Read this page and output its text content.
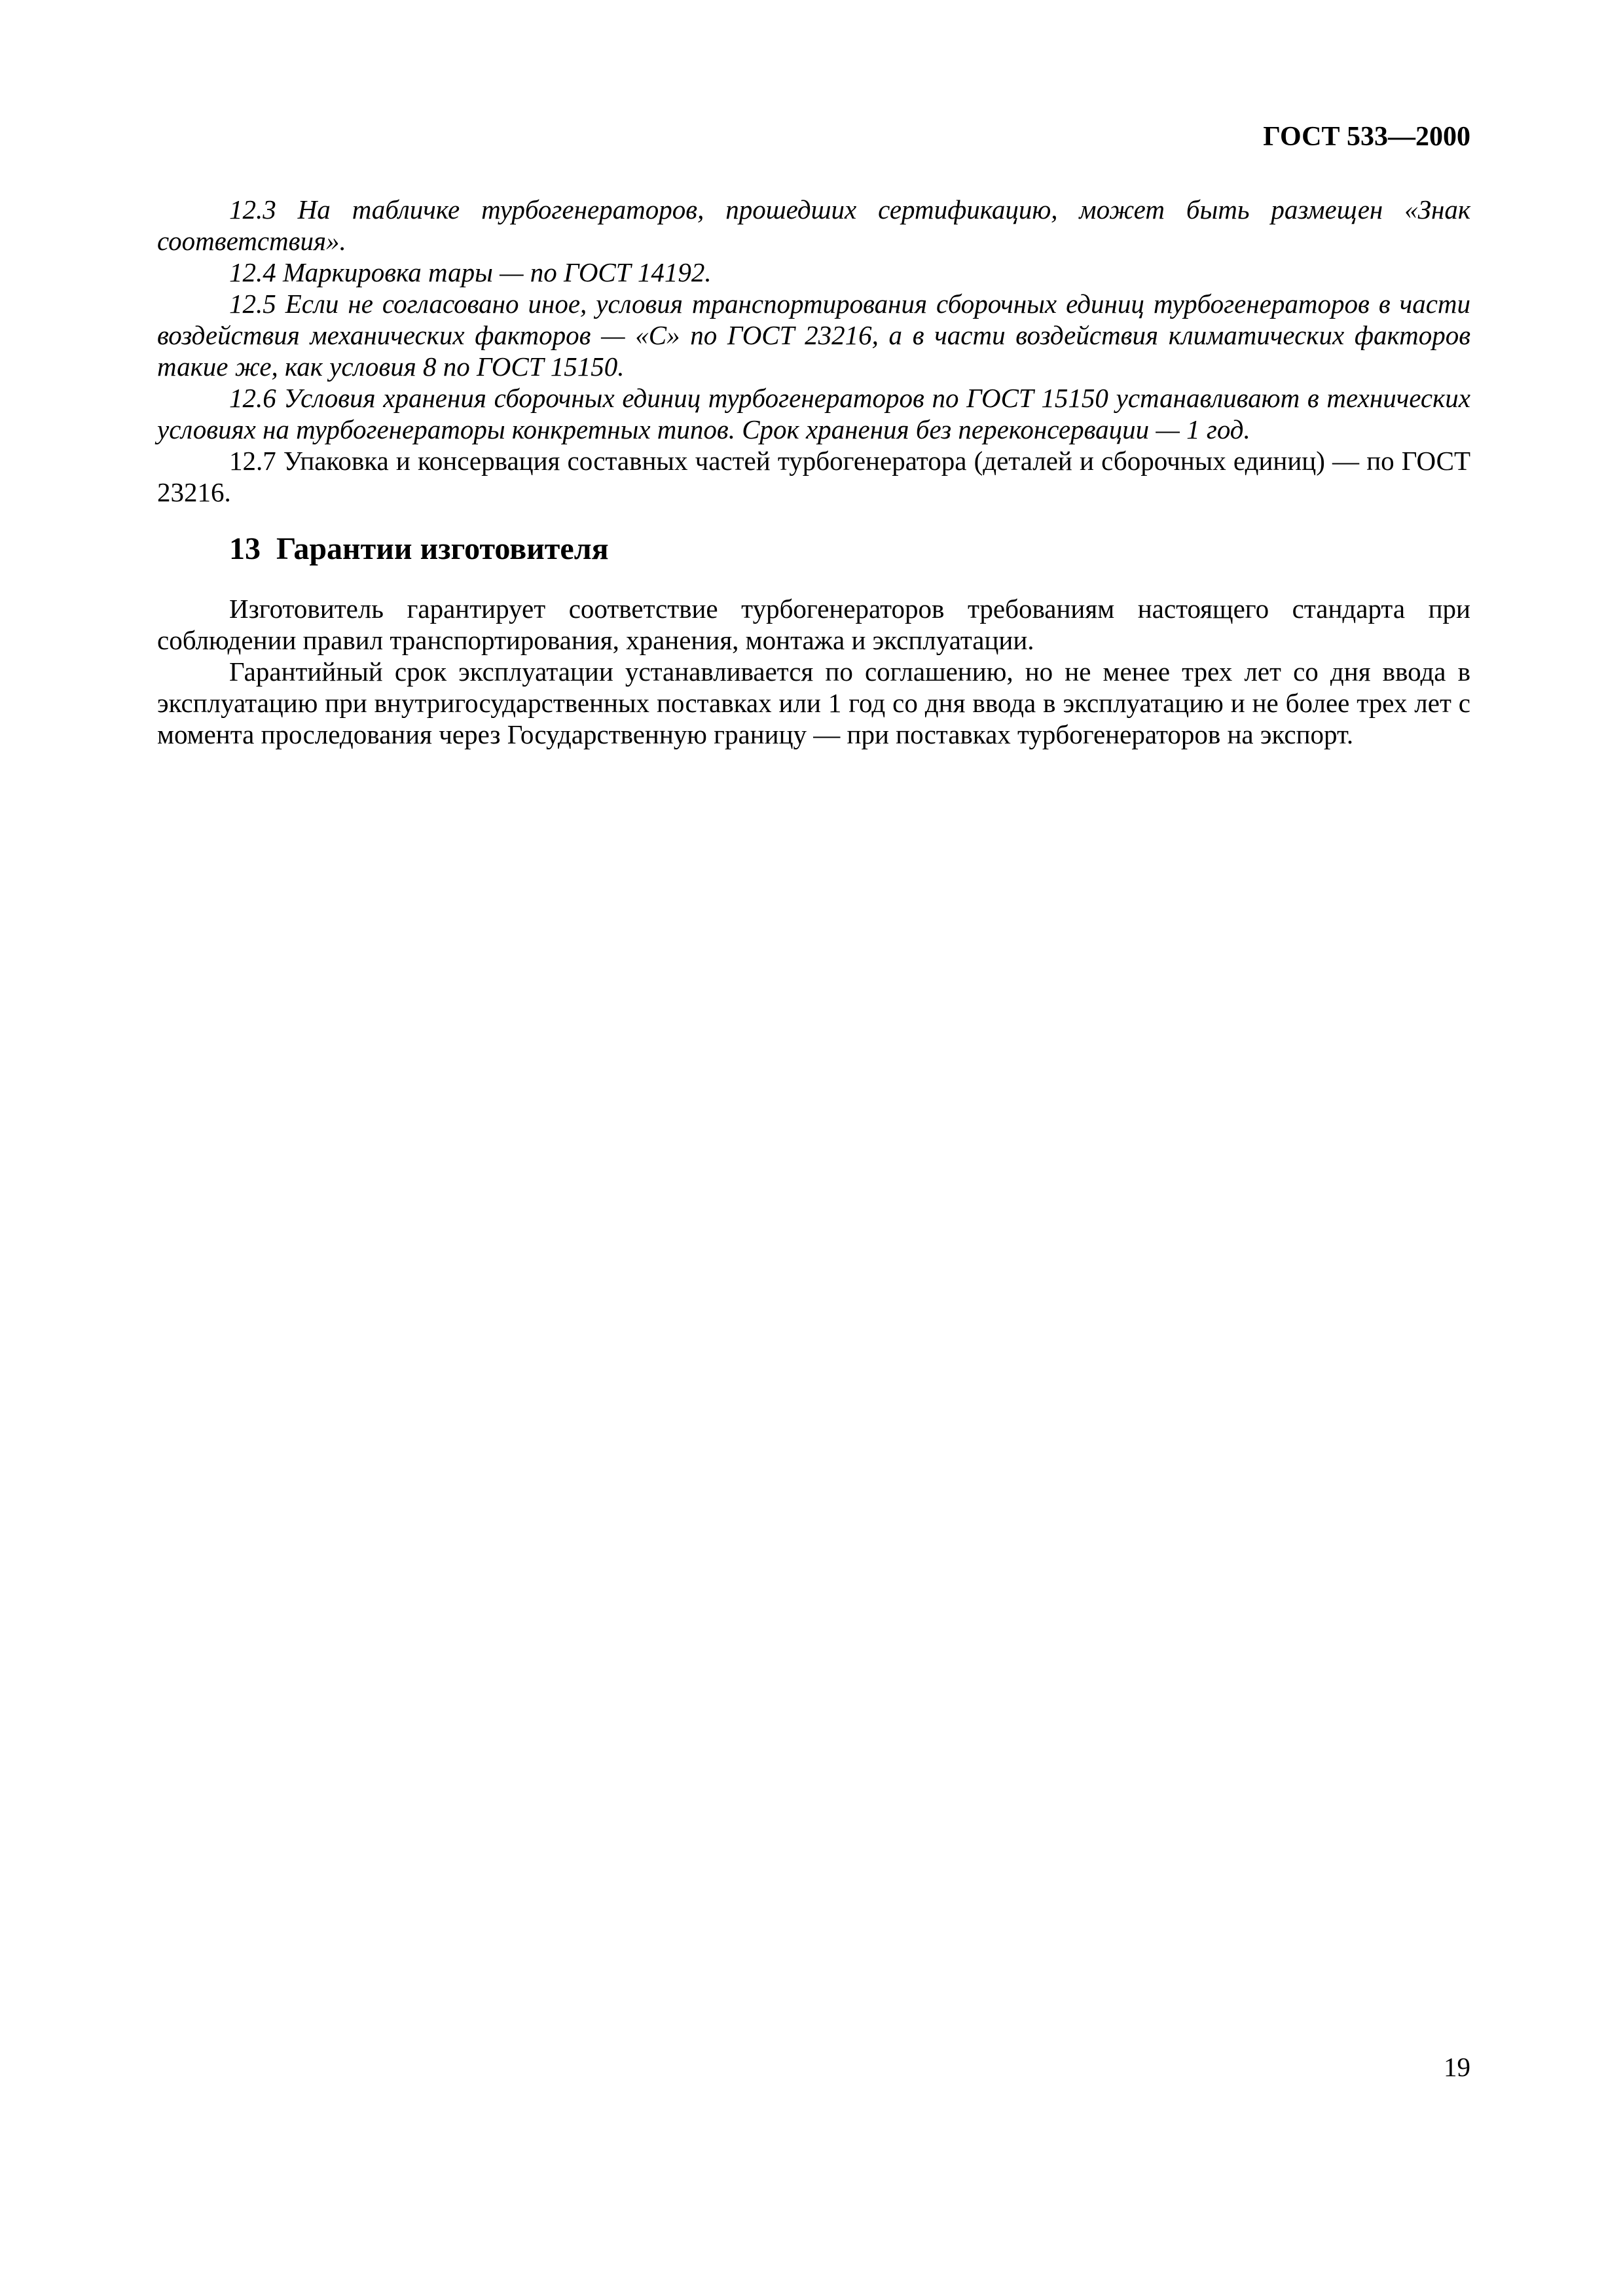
ГОСТ 533—2000

12.3 На табличке турбогенераторов, прошедших сертификацию, может быть размещен «Знак соответствия».

12.4 Маркировка тары — по ГОСТ 14192.

12.5 Если не согласовано иное, условия транспортирования сборочных единиц турбогенераторов в части воздействия механических факторов — «С» по ГОСТ 23216, а в части воздействия климатических факторов такие же, как условия 8 по ГОСТ 15150.

12.6 Условия хранения сборочных единиц турбогенераторов по ГОСТ 15150 устанавливают в технических условиях на турбогенераторы конкретных типов. Срок хранения без переконсервации — 1 год.

12.7 Упаковка и консервация составных частей турбогенератора (деталей и сборочных единиц) — по ГОСТ 23216.

13 Гарантии изготовителя

Изготовитель гарантирует соответствие турбогенераторов требованиям настоящего стандарта при соблюдении правил транспортирования, хранения, монтажа и эксплуатации.

Гарантийный срок эксплуатации устанавливается по соглашению, но не менее трех лет со дня ввода в эксплуатацию при внутригосударственных поставках или 1 год со дня ввода в эксплуатацию и не более трех лет с момента проследования через Государственную границу — при поставках турбогенераторов на экспорт.

19
